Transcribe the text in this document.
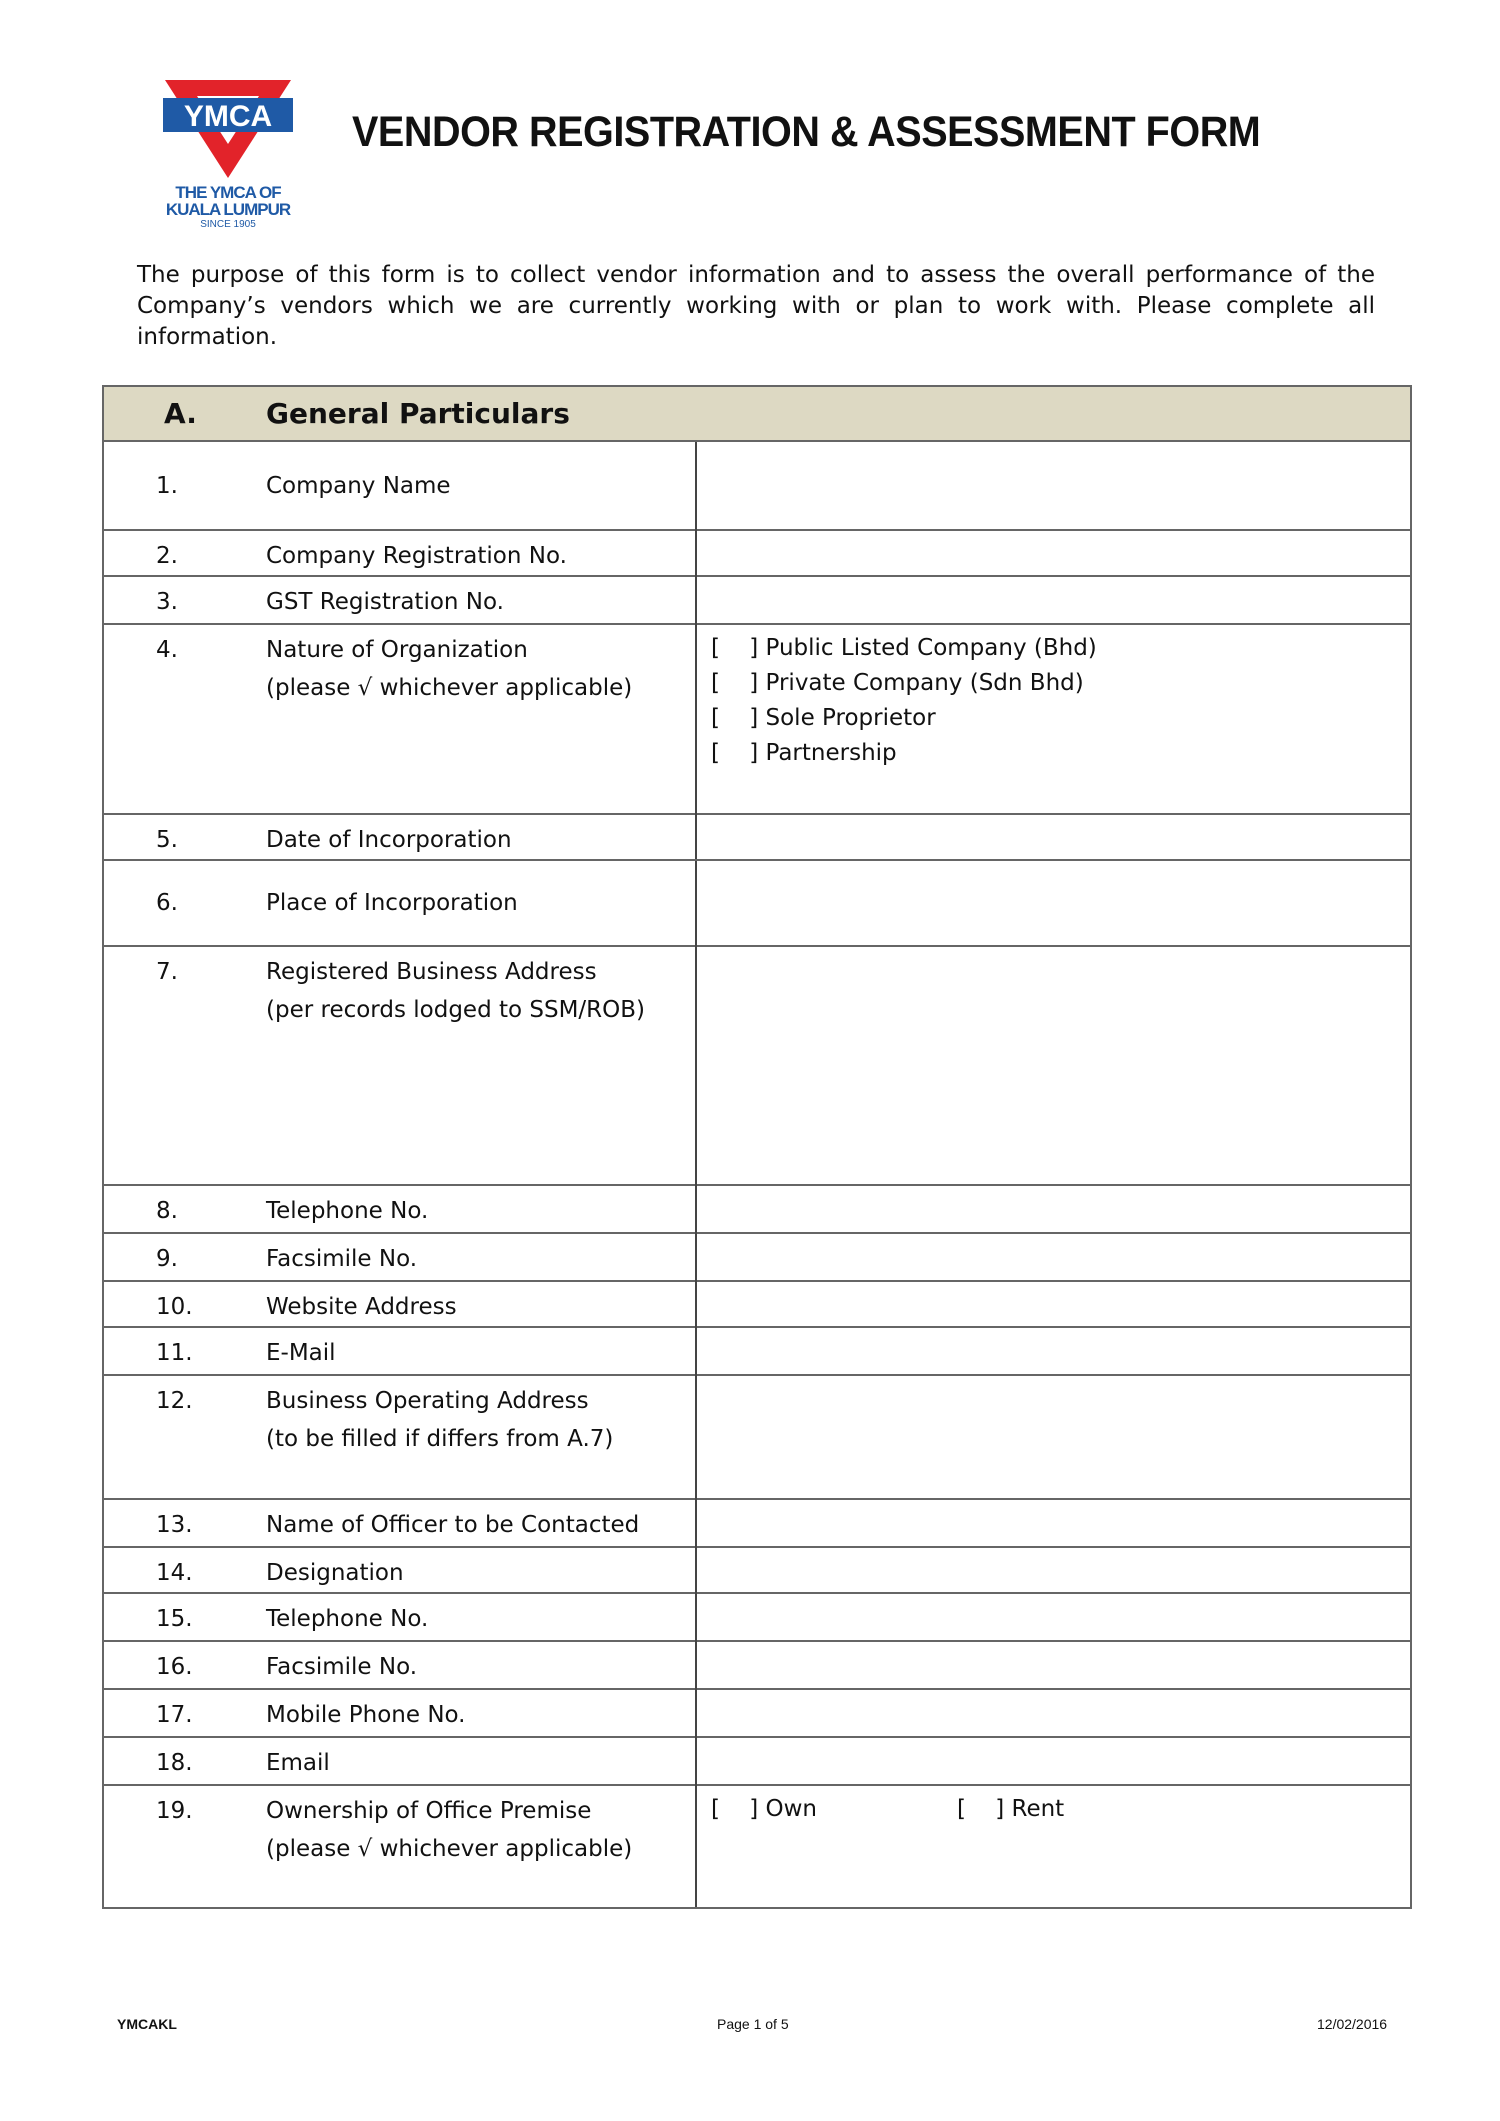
YMCA
THE YMCA OF
KUALA LUMPUR
SINCE 1905
VENDOR REGISTRATION & ASSESSMENT FORM
The purpose of this form is to collect vendor information and to assess the overall performance of the Company’s vendors which we are currently working with or plan to work with. Please complete all information.
A.	General Particulars
1.	Company Name
2.	Company Registration No.
3.	GST Registration No.
4.	Nature of Organization
(please √ whichever applicable)
[    ] Public Listed Company (Bhd)
[    ] Private Company (Sdn Bhd)
[    ] Sole Proprietor
[    ] Partnership
5.	Date of Incorporation
6.	Place of Incorporation
7.	Registered Business Address
(per records lodged to SSM/ROB)
8.	Telephone No.
9.	Facsimile No.
10.	Website Address
11.	E-Mail
12.	Business Operating Address
(to be filled if differs from A.7)
13.	Name of Officer to be Contacted
14.	Designation
15.	Telephone No.
16.	Facsimile No.
17.	Mobile Phone No.
18.	Email
19.	Ownership of Office Premise
(please √ whichever applicable)
[    ] Own	[    ] Rent
YMCAKL	Page 1 of 5	12/02/2016
